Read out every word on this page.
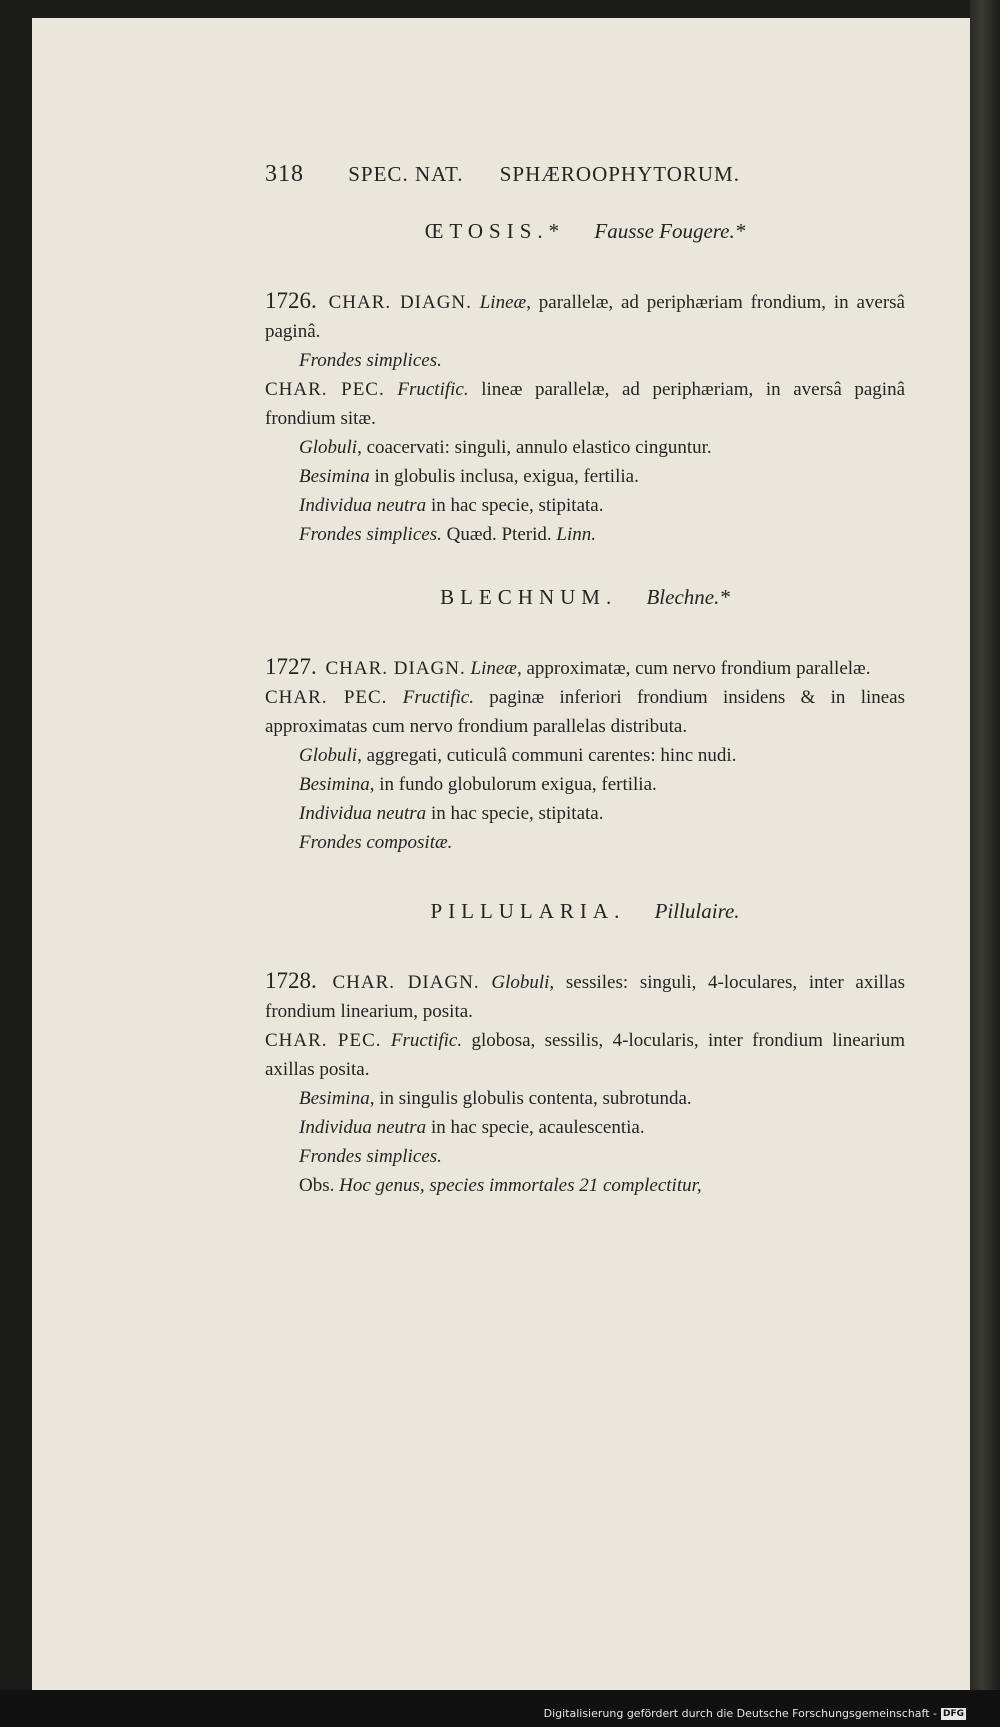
318 SPEC. NAT. SPHÆROOPHYTORUM.
ŒTOSIS.* Fausse Fougere.*

1726. CHAR. DIAGN. Lineæ, parallelæ, ad periphæriam frondium, in aversâ paginâ.

Frondes simplices.

CHAR. PEC. Fructific. lineæ parallelæ, ad periphæriam, in aversâ paginâ frondium sitæ.

Globuli, coacervati: singuli, annulo elastico cinguntur.

Besimina in globulis inclusa, exigua, fertilia.

Individua neutra in hac specie, stipitata.

Frondes simplices. Quæd. Pterid. Linn.

BLECHNUM. Blechne.*

1727. CHAR. DIAGN. Lineæ, approximatæ, cum nervo frondium parallelæ.

CHAR. PEC. Fructific. paginæ inferiori frondium insidens & in lineas approximatas cum nervo frondium parallelas distributa.

Globuli, aggregati, cuticulâ communi carentes: hinc nudi.

Besimina, in fundo globulorum exigua, fertilia.

Individua neutra in hac specie, stipitata.

Frondes compositæ.

PILLULARIA. Pillulaire.

1728. CHAR. DIAGN. Globuli, sessiles: singuli, 4-loculares, inter axillas frondium linearium, posita.

CHAR. PEC. Fructific. globosa, sessilis, 4-locularis, inter frondium linearium axillas posita.

Besimina, in singulis globulis contenta, subrotunda.

Individua neutra in hac specie, acaulescentia.

Frondes simplices.

Obs. Hoc genus, species immortales 21 complectitur,

Digitalisierung gefördert durch die Deutsche Forschungsgemeinschaft - DFG
